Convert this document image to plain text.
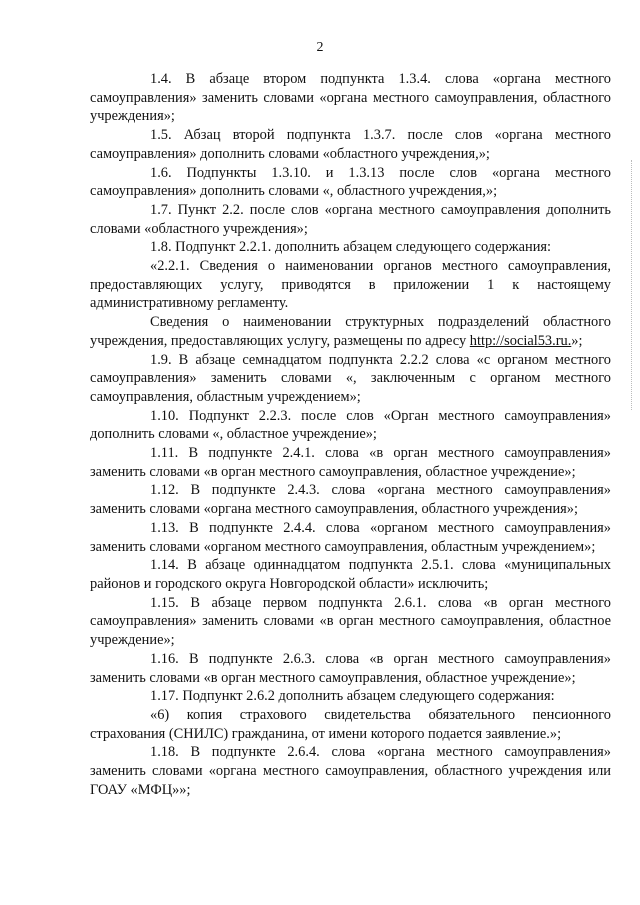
2

1.4. В абзаце втором подпункта 1.3.4. слова «органа местного самоуправления» заменить словами «органа местного самоуправления, областного учреждения»;

1.5. Абзац второй подпункта 1.3.7. после слов «органа местного самоуправления» дополнить словами «областного учреждения,»;

1.6. Подпункты 1.3.10. и 1.3.13 после слов «органа местного самоуправления» дополнить словами «, областного учреждения,»;

1.7. Пункт 2.2. после слов «органа местного самоуправления дополнить словами «областного учреждения»;

1.8. Подпункт 2.2.1. дополнить абзацем следующего содержания:

«2.2.1. Сведения о наименовании органов местного самоуправления, предоставляющих услугу, приводятся в приложении 1 к настоящему административному регламенту.

Сведения о наименовании структурных подразделений областного учреждения, предоставляющих услугу, размещены по адресу http://social53.ru.»;

1.9. В абзаце семнадцатом подпункта 2.2.2 слова «с органом местного самоуправления» заменить словами «, заключенным с органом местного самоуправления, областным учреждением»;

1.10. Подпункт 2.2.3. после слов «Орган местного самоуправления» дополнить словами «, областное учреждение»;

1.11. В подпункте 2.4.1. слова «в орган местного самоуправления» заменить словами «в орган местного самоуправления, областное учреждение»;

1.12. В подпункте 2.4.3. слова «органа местного самоуправления» заменить словами «органа местного самоуправления, областного учреждения»;

1.13. В подпункте 2.4.4. слова «органом местного самоуправления» заменить словами «органом местного самоуправления, областным учреждением»;

1.14. В абзаце одиннадцатом подпункта 2.5.1. слова «муниципальных районов и городского округа Новгородской области» исключить;

1.15. В абзаце первом подпункта 2.6.1. слова «в орган местного самоуправления» заменить словами «в орган местного самоуправления, областное учреждение»;

1.16. В подпункте 2.6.3. слова «в орган местного самоуправления» заменить словами «в орган местного самоуправления, областное учреждение»;

1.17. Подпункт 2.6.2 дополнить абзацем следующего содержания:

«6) копия страхового свидетельства обязательного пенсионного страхования (СНИЛС) гражданина, от имени которого подается заявление.»;

1.18. В подпункте 2.6.4. слова «органа местного самоуправления» заменить словами «органа местного самоуправления, областного учреждения или ГОАУ «МФЦ»»;
